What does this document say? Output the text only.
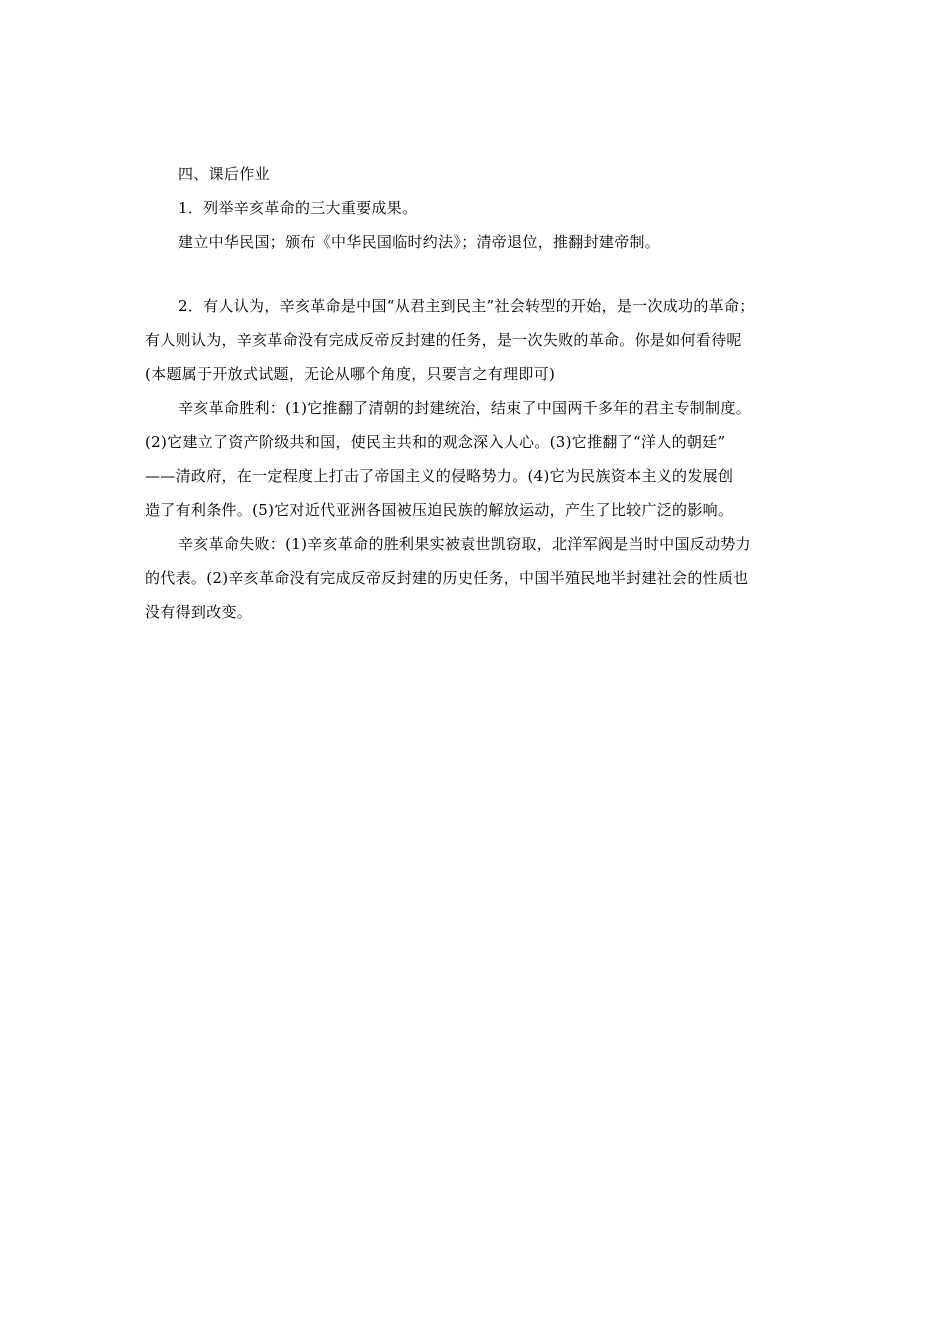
四、课后作业
1．列举辛亥革命的三大重要成果。
建立中华民国；颁布《中华民国临时约法》；清帝退位，推翻封建帝制。
2．有人认为，辛亥革命是中国“从君主到民主”社会转型的开始，是一次成功的革命；
有人则认为，辛亥革命没有完成反帝反封建的任务，是一次失败的革命。你是如何看待呢
(本题属于开放式试题，无论从哪个角度，只要言之有理即可)
辛亥革命胜利：(1)它推翻了清朝的封建统治，结束了中国两千多年的君主专制制度。
(2)它建立了资产阶级共和国，使民主共和的观念深入人心。(3)它推翻了“洋人的朝廷”
——清政府，在一定程度上打击了帝国主义的侵略势力。(4)它为民族资本主义的发展创
造了有利条件。(5)它对近代亚洲各国被压迫民族的解放运动，产生了比较广泛的影响。
辛亥革命失败：(1)辛亥革命的胜利果实被袁世凯窃取，北洋军阀是当时中国反动势力
的代表。(2)辛亥革命没有完成反帝反封建的历史任务，中国半殖民地半封建社会的性质也
没有得到改变。
